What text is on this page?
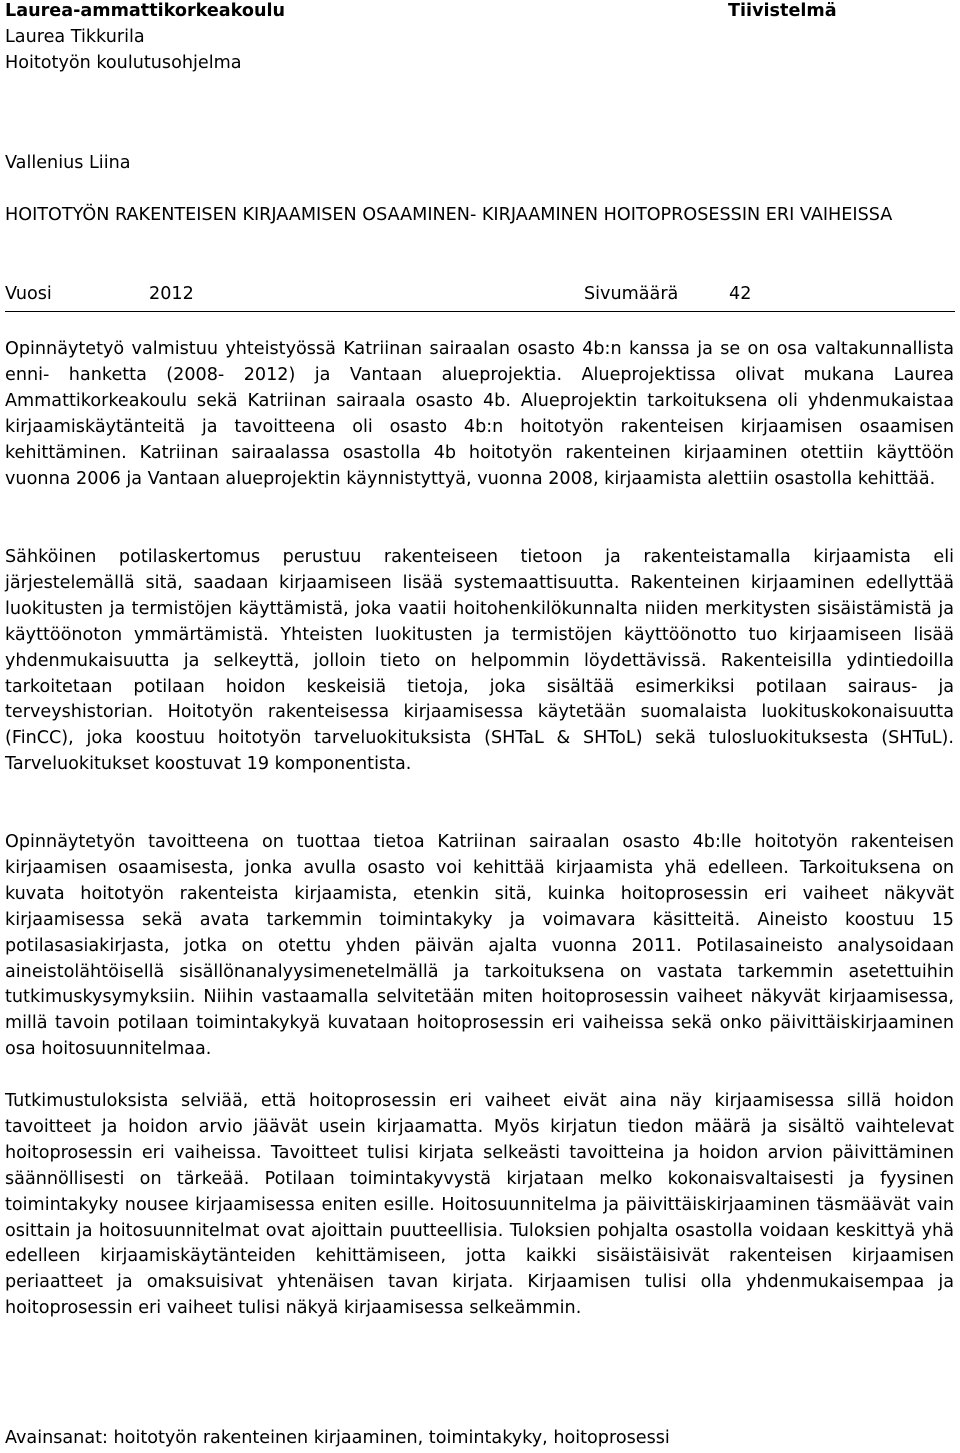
Laurea-ammattikorkeakoulu
Laurea Tikkurila
Hoitotyön koulutusohjelma
Tiivistelmä
Vallenius Liina
HOITOTYÖN RAKENTEISEN KIRJAAMISEN OSAAMINEN- KIRJAAMINEN HOITOPROSESSIN ERI VAIHEISSA
Vuosi	2012	Sivumäärä	42
Opinnäytetyö valmistuu yhteistyössä Katriinan sairaalan osasto 4b:n kanssa ja se on osa valtakunnallista enni- hanketta (2008- 2012) ja Vantaan alueprojektia. Alueprojektissa olivat mukana Laurea Ammattikorkeakoulu sekä Katriinan sairaala osasto 4b. Alueprojektin tarkoituksena oli yhdenmukaistaa kirjaamiskäytänteitä ja tavoitteena oli osasto 4b:n hoitotyön rakenteisen kirjaamisen osaamisen kehittäminen. Katriinan sairaalassa osastolla 4b hoitotyön rakenteinen kirjaaminen otettiin käyttöön vuonna 2006 ja Vantaan alueprojektin käynnistyttyä, vuonna 2008, kirjaamista alettiin osastolla kehittää.
Sähköinen potilaskertomus perustuu rakenteiseen tietoon ja rakenteistamalla kirjaamista eli järjestelemällä sitä, saadaan kirjaamiseen lisää systemaattisuutta. Rakenteinen kirjaaminen edellyttää luokitusten ja termistöjen käyttämistä, joka vaatii hoitohenkilökunnalta niiden merkitysten sisäistämistä ja käyttöönoton ymmärtämistä. Yhteisten luokitusten ja termistöjen käyttöönotto tuo kirjaamiseen lisää yhdenmukaisuutta ja selkeyttä, jolloin tieto on helpommin löydettävissä. Rakenteisilla ydintiedoilla tarkoitetaan potilaan hoidon keskeisiä tietoja, joka sisältää esimerkiksi potilaan sairaus- ja terveyshistorian. Hoitotyön rakenteisessa kirjaamisessa käytetään suomalaista luokituskokonaisuutta (FinCC), joka koostuu hoitotyön tarveluokituksista (SHTaL & SHToL) sekä tulosluokituksesta (SHTuL). Tarveluokitukset koostuvat 19 komponentista.
Opinnäytetyön tavoitteena on tuottaa tietoa Katriinan sairaalan osasto 4b:lle hoitotyön rakenteisen kirjaamisen osaamisesta, jonka avulla osasto voi kehittää kirjaamista yhä edelleen. Tarkoituksena on kuvata hoitotyön rakenteista kirjaamista, etenkin sitä, kuinka hoitoprosessin eri vaiheet näkyvät kirjaamisessa sekä avata tarkemmin toimintakyky ja voimavara käsitteitä. Aineisto koostuu 15 potilasasiakirjasta, jotka on otettu yhden päivän ajalta vuonna 2011. Potilasaineisto analysoidaan aineistolähtöisellä sisällönanalyysimenetelmällä ja tarkoituksena on vastata tarkemmin asetettuihin tutkimuskysymyksiin. Niihin vastaamalla selvitetään miten hoitoprosessin vaiheet näkyvät kirjaamisessa, millä tavoin potilaan toimintakykyä kuvataan hoitoprosessin eri vaiheissa sekä onko päivittäiskirjaaminen osa hoitosuunnitelmaa.
Tutkimustuloksista selviää, että hoitoprosessin eri vaiheet eivät aina näy kirjaamisessa sillä hoidon tavoitteet ja hoidon arvio jäävät usein kirjaamatta. Myös kirjatun tiedon määrä ja sisältö vaihtelevat hoitoprosessin eri vaiheissa. Tavoitteet tulisi kirjata selkeästi tavoitteina ja hoidon arvion päivittäminen säännöllisesti on tärkeää. Potilaan toimintakyvystä kirjataan melko kokonaisvaltaisesti ja fyysinen toimintakyky nousee kirjaamisessa eniten esille. Hoitosuunnitelma ja päivittäiskirjaaminen täsmäävät vain osittain ja hoitosuunnitelmat ovat ajoittain puutteellisia. Tuloksien pohjalta osastolla voidaan keskittyä yhä edelleen kirjaamiskäytänteiden kehittämiseen, jotta kaikki sisäistäisivät rakenteisen kirjaamisen periaatteet ja omaksuisivat yhtenäisen tavan kirjata. Kirjaamisen tulisi olla yhdenmukaisempaa ja hoitoprosessin eri vaiheet tulisi näkyä kirjaamisessa selkeämmin.
Avainsanat: hoitotyön rakenteinen kirjaaminen, toimintakyky, hoitoprosessi
